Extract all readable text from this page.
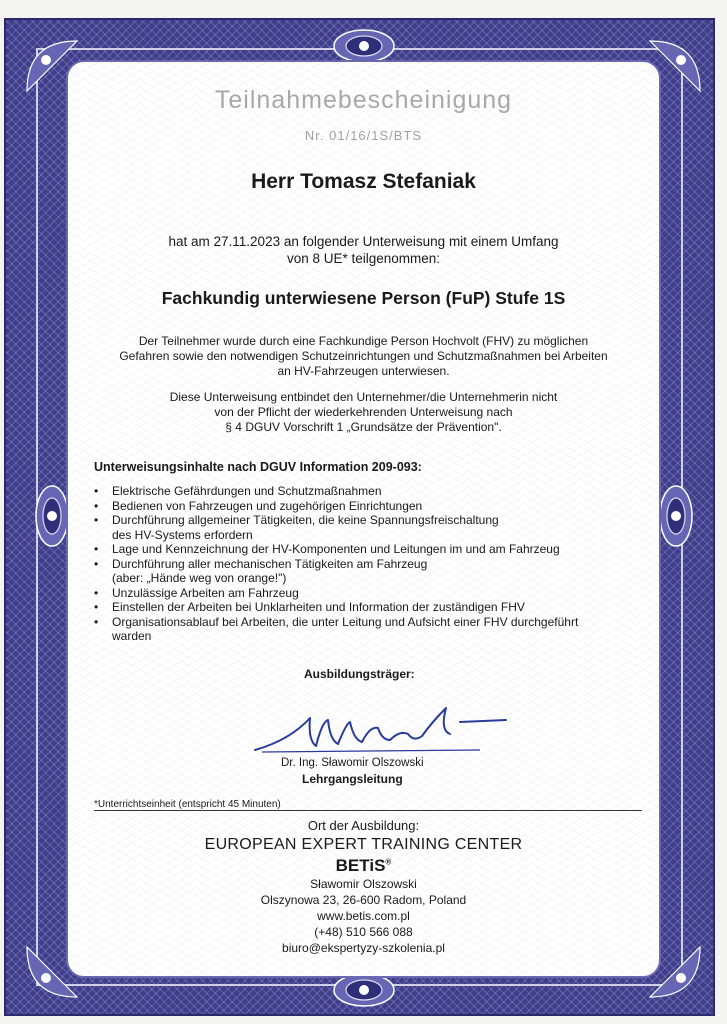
Teilnahmebescheinigung
Nr. 01/16/1S/BTS
Herr Tomasz Stefaniak
hat am 27.11.2023 an folgender Unterweisung mit einem Umfang
von 8 UE* teilgenommen:
Fachkundig unterwiesene Person (FuP) Stufe 1S
Der Teilnehmer wurde durch eine Fachkundige Person Hochvolt (FHV) zu möglichen
Gefahren sowie den notwendigen Schutzeinrichtungen und Schutzmaßnahmen bei Arbeiten
an HV-Fahrzeugen unterwiesen.
Diese Unterweisung entbindet den Unternehmer/die Unternehmerin nicht
von der Pflicht der wiederkehrenden Unterweisung nach
§ 4 DGUV Vorschrift 1 „Grundsätze der Prävention".
Unterweisungsinhalte nach DGUV Information 209-093:
• Elektrische Gefährdungen und Schutzmaßnahmen
• Bedienen von Fahrzeugen und zugehörigen Einrichtungen
• Durchführung allgemeiner Tätigkeiten, die keine Spannungsfreischaltung
des HV-Systems erfordern
• Lage und Kennzeichnung der HV-Komponenten und Leitungen im und am Fahrzeug
• Durchführung aller mechanischen Tätigkeiten am Fahrzeug
(aber: „Hände weg von orange!")
• Unzulässige Arbeiten am Fahrzeug
• Einstellen der Arbeiten bei Unklarheiten und Information der zuständigen FHV
• Organisationsablauf bei Arbeiten, die unter Leitung und Aufsicht einer FHV durchgeführt
warden
Ausbildungsträger:
Dr. Ing. Sławomir Olszowski
Lehrgangsleitung
*Unterrichtseinheit (entspricht 45 Minuten)
Ort der Ausbildung:
EUROPEAN EXPERT TRAINING CENTER
BETiS®
Sławomir Olszowski
Olszynowa 23, 26-600 Radom, Poland
www.betis.com.pl
(+48) 510 566 088
biuro@ekspertyzy-szkolenia.pl
